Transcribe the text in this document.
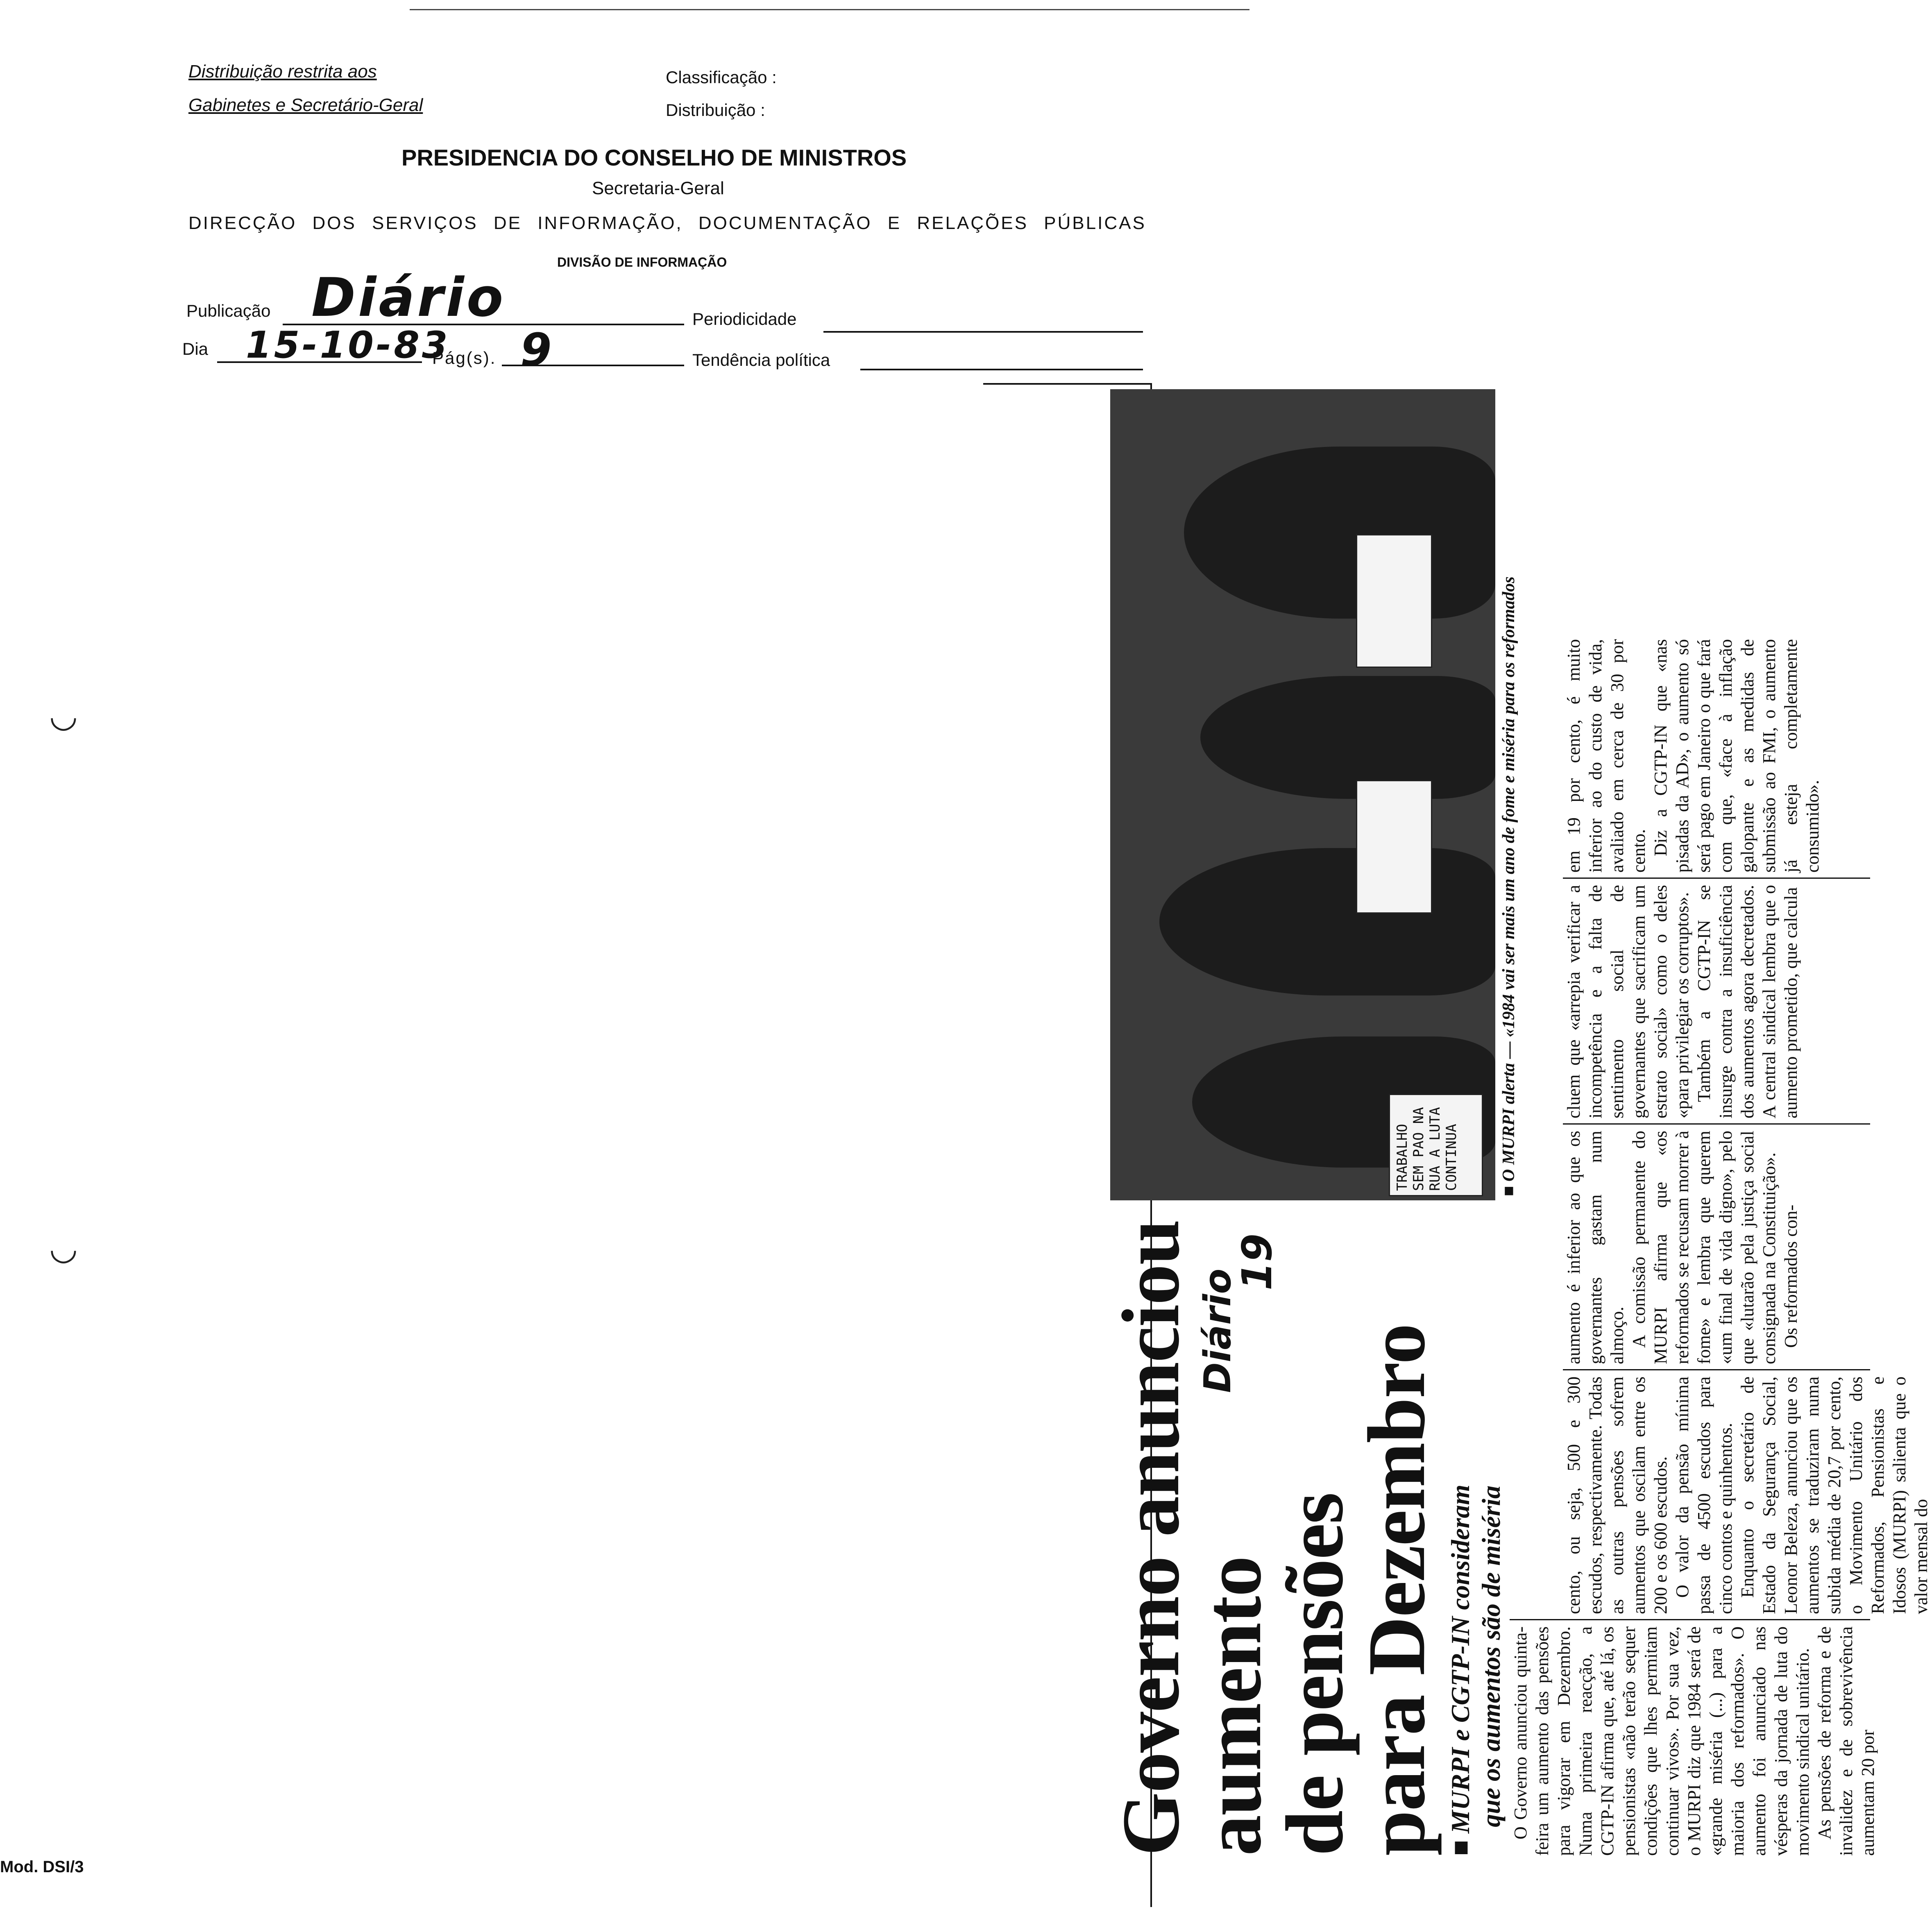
Distribuição restrita aos
Gabinetes e Secretário-Geral
Classificação :
Distribuição :
PRESIDENCIA DO CONSELHO DE MINISTROS
Secretaria-Geral
DIRECÇÃO DOS SERVIÇOS DE INFORMAÇÃO, DOCUMENTAÇÃO E RELAÇÕES PÚBLICAS
DIVISÃO DE INFORMAÇÃO
Publicação Diário	Periodicidade
Dia 15-10-83
Pág(s). 9	Tendência política
◡
◡	Governo anunciou
aumento
de pensões
para Dezembro
Diário
19
■ MURPI e CGTP-IN consideram que os aumentos são de miséria
TRABALHO SEM PAO NA RUA A LUTA CONTINUA	■ O MURPI alerta — «1984 vai ser mais um ano de fome e miséria para os reformados

O Governo anunciou quinta-feira um aumento das pensões para vigorar em Dezembro. Numa primeira reacção, a CGTP-IN afirma que, até lá, os pensionistas «não terão sequer condições que lhes permitam continuar vivos». Por sua vez, o MURPI diz que 1984 será de «grande miséria (...) para a maioria dos reformados». O aumento foi anunciado nas vésperas da jornada de luta do movimento sindical unitário. As pensões de reforma e de invalidez e de sobrevivência aumentam 20 por

cento, ou seja, 500 e 300 escudos, respectivamente. Todas as outras pensões sofrem aumentos que oscilam entre os 200 e os 600 escudos. O valor da pensão mínima passa de 4500 escudos para cinco contos e quinhentos. Enquanto o secretário de Estado da Segurança Social, Leonor Beleza, anunciou que os aumentos se traduziram numa subida média de 20,7 por cento, o Movimento Unitário dos Reformados, Pensionistas e Idosos (MURPI) salienta que o valor mensal do

aumento é inferior ao que os governantes gastam num almoço. A comissão permanente do MURPI afirma que «os reformados se recusam morrer à fome» e lembra que querem «um final de vida digno», pelo que «lutarão pela justiça social consignada na Constituição». Os reformados con-

cluem que «arrepia verificar a incompetência e a falta de sentimento social de governantes que sacrificam um estrato social» como o deles «para privilegiar os corruptos». Também a CGTP-IN se insurge contra a insuficiência dos aumentos agora decretados. A central sindical lembra que o aumento prometido, que calcula

em 19 por cento, é muito inferior ao do custo de vida, avaliado em cerca de 30 por cento. Diz a CGTP-IN que «nas pisadas da AD», o aumento só será pago em Janeiro o que fará com que, «face à inflação galopante e as medidas de submissão ao FMI, o aumento já esteja completamente consumido».

Mod. DSI/3
